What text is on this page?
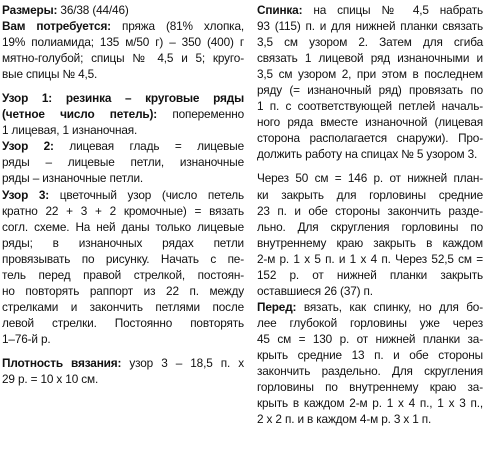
Размеры: 36/38 (44/46)

Вам потребуется: пряжа (81% хлопка,
19% полиамида; 135 м/50 г) – 350 (400) г
мятно-голубой; спицы № 4,5 и 5; круго-
вые спицы № 4,5.

Узор 1: резинка – круговые ряды
(четное число петель): попеременно
1 лицевая, 1 изнаночная.

Узор 2: лицевая гладь = лицевые
ряды – лицевые петли, изнаночные
ряды – изнаночные петли.

Узор 3: цветочный узор (число петель
кратно 22 + 3 + 2 кромочные) = вязать
согл. схеме. На ней даны только лицевые
ряды; в изнаночных рядах петли
провязывать по рисунку. Начать с пе-
тель перед правой стрелкой, постоян-
но повторять раппорт из 22 п. между
стрелками и закончить петлями после
левой стрелки. Постоянно повторять
1–76-й р.

Плотность вязания: узор 3 – 18,5 п. х
29 р. = 10 х 10 см.

Спинка: на спицы № 4,5 набрать
93 (115) п. и для нижней планки связать
3,5 см узором 2. Затем для сгиба
связать 1 лицевой ряд изнаночными и
3,5 см узором 2, при этом в последнем
ряду (= изнаночный ряд) провязать по
1 п. с соответствующей петлей началь-
ного ряда вместе изнаночной (лицевая
сторона располагается снаружи). Про-
должить работу на спицах № 5 узором 3.

Через 50 см = 146 р. от нижней план-
ки закрыть для горловины средние
23 п. и обе стороны закончить разде-
льно. Для скругления горловины по
внутреннему краю закрыть в каждом
2-м р. 1 х 5 п. и 1 х 4 п. Через 52,5 см =
152 р. от нижней планки закрыть
оставшиеся 26 (37) п.

Перед: вязать, как спинку, но для бо-
лее глубокой горловины уже через
45 см = 130 р. от нижней планки за-
крыть средние 13 п. и обе стороны
закончить раздельно. Для скругления
горловины по внутреннему краю за-
крыть в каждом 2-м р. 1 х 4 п., 1 х 3 п.,
2 х 2 п. и в каждом 4-м р. 3 х 1 п.
